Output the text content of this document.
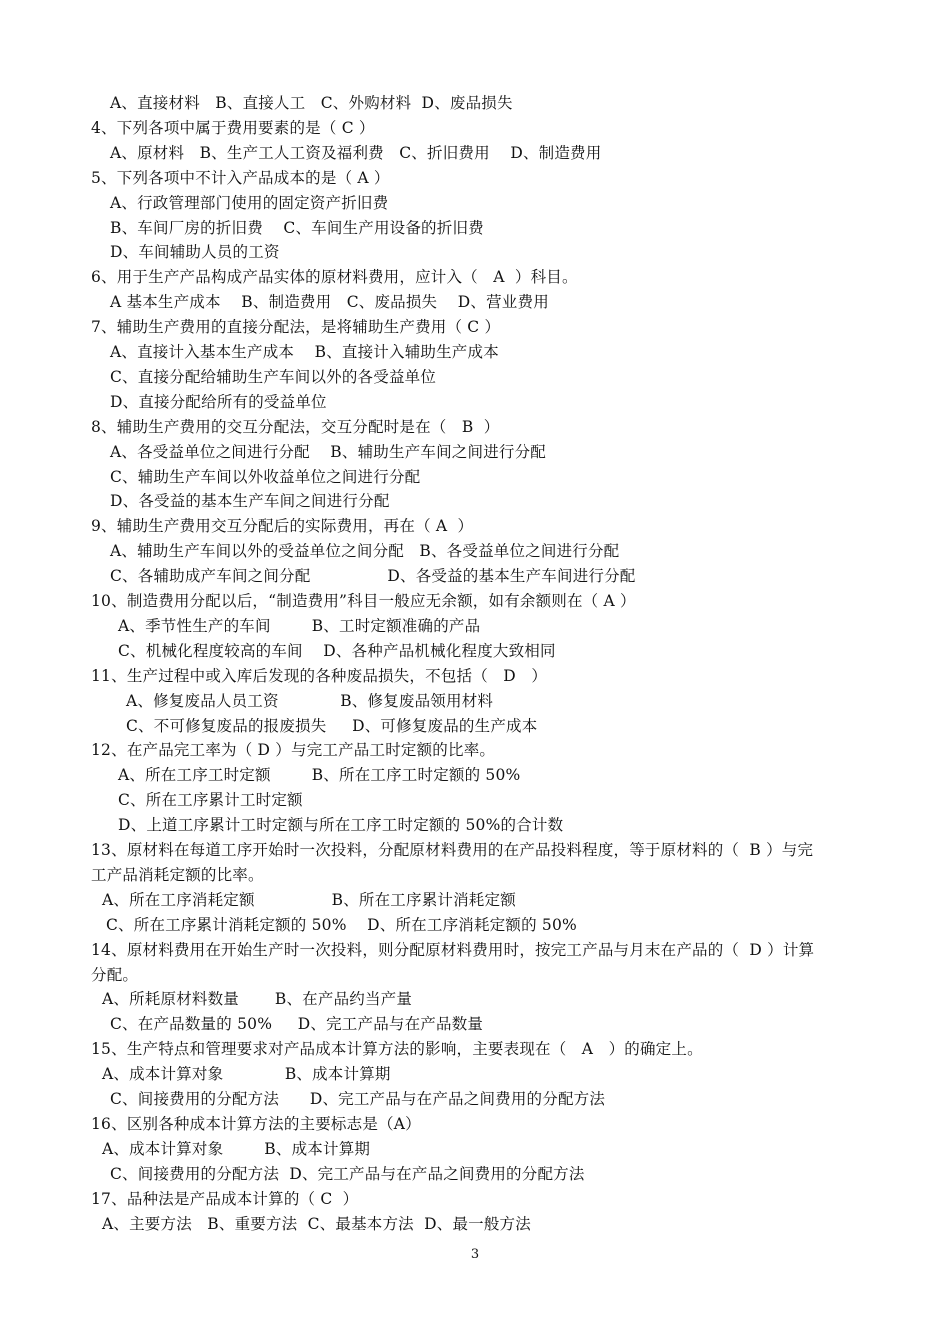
A、直接材料   B、直接人工   C、外购材料  D、废品损失
4、下列各项中属于费用要素的是（ C ）
A、原材料   B、生产工人工资及福利费   C、折旧费用    D、制造费用
5、下列各项中不计入产品成本的是（ A ）
A、行政管理部门使用的固定资产折旧费
B、车间厂房的折旧费    C、车间生产用设备的折旧费
D、车间辅助人员的工资
6、用于生产产品构成产品实体的原材料费用，应计入（   A  ）科目。
A 基本生产成本    B、制造费用   C、废品损失    D、营业费用
7、辅助生产费用的直接分配法，是将辅助生产费用（ C ）
A、直接计入基本生产成本    B、直接计入辅助生产成本
C、直接分配给辅助生产车间以外的各受益单位
D、直接分配给所有的受益单位
8、辅助生产费用的交互分配法，交互分配时是在（   B  ）
A、各受益单位之间进行分配    B、辅助生产车间之间进行分配
C、辅助生产车间以外收益单位之间进行分配
D、各受益的基本生产车间之间进行分配
9、辅助生产费用交互分配后的实际费用，再在（ A  ）
A、辅助生产车间以外的受益单位之间分配   B、各受益单位之间进行分配
C、各辅助成产车间之间分配               D、各受益的基本生产车间进行分配
10、制造费用分配以后，“制造费用”科目一般应无余额，如有余额则在（ A ）
A、季节性生产的车间        B、工时定额准确的产品
C、机械化程度较高的车间    D、各种产品机械化程度大致相同
11、生产过程中或入库后发现的各种废品损失，不包括（   D   ）
A、修复废品人员工资            B、修复废品领用材料
C、不可修复废品的报废损失     D、可修复废品的生产成本
12、在产品完工率为（ D ）与完工产品工时定额的比率。
A、所在工序工时定额        B、所在工序工时定额的 50%
C、所在工序累计工时定额
D、上道工序累计工时定额与所在工序工时定额的 50%的合计数
13、原材料在每道工序开始时一次投料，分配原材料费用的在产品投料程度，等于原材料的（  B ）与完
工产品消耗定额的比率。
A、所在工序消耗定额               B、所在工序累计消耗定额
C、所在工序累计消耗定额的 50%    D、所在工序消耗定额的 50%
14、原材料费用在开始生产时一次投料，则分配原材料费用时，按完工产品与月末在产品的（  D ）计算
分配。
A、所耗原材料数量       B、在产品约当产量
C、在产品数量的 50%     D、完工产品与在产品数量
15、生产特点和管理要求对产品成本计算方法的影响，主要表现在（   A   ）的确定上。
A、成本计算对象            B、成本计算期
C、间接费用的分配方法      D、完工产品与在产品之间费用的分配方法
16、区别各种成本计算方法的主要标志是（A）
A、成本计算对象        B、成本计算期
C、间接费用的分配方法  D、完工产品与在产品之间费用的分配方法
17、品种法是产品成本计算的（ C  ）
A、主要方法   B、重要方法  C、最基本方法  D、最一般方法
3
